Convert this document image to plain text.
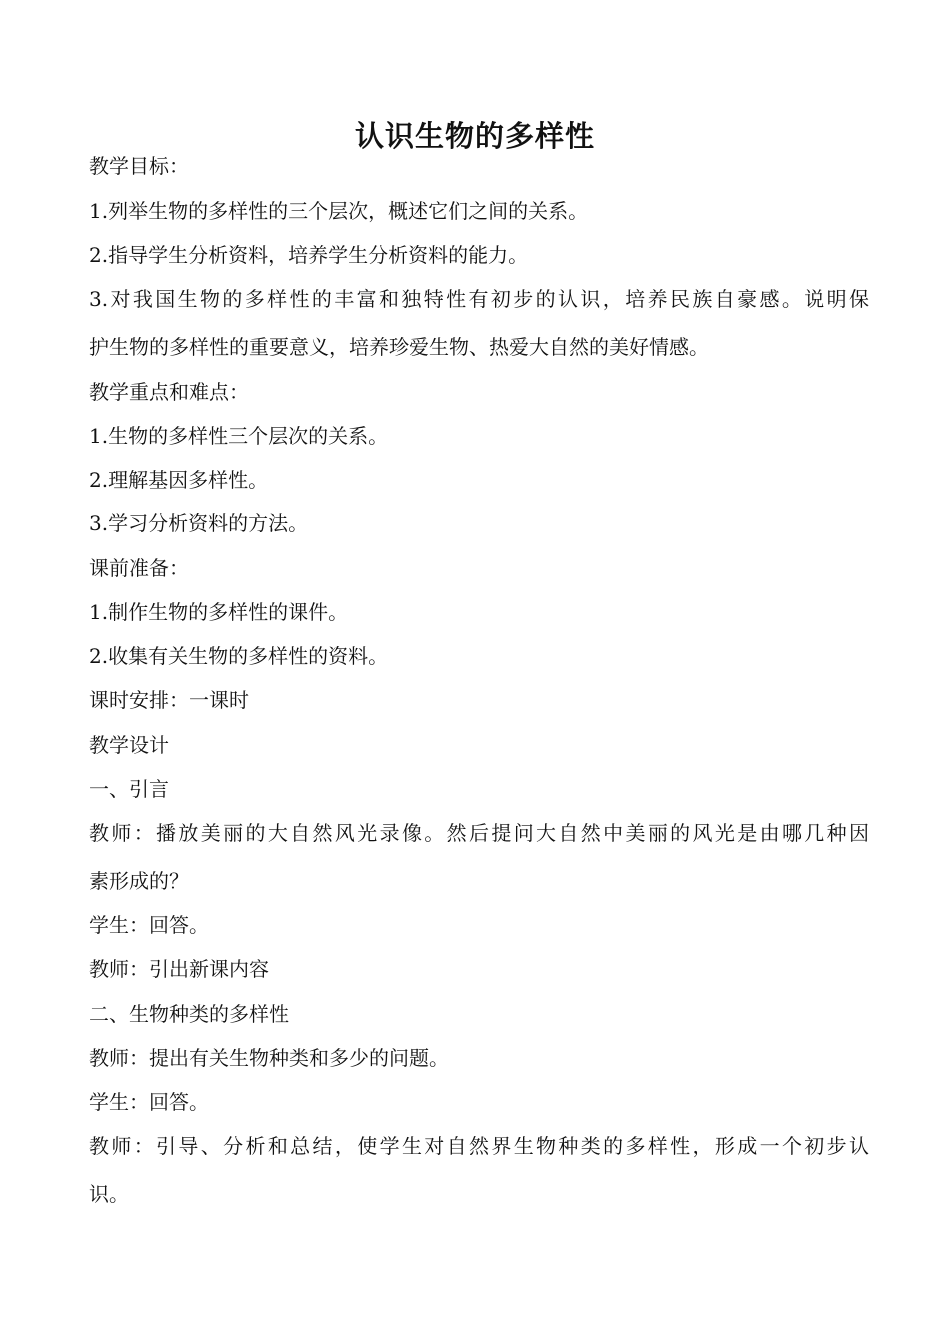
认识生物的多样性
教学目标：
1.列举生物的多样性的三个层次，概述它们之间的关系。
2.指导学生分析资料，培养学生分析资料的能力。
3.对我国生物的多样性的丰富和独特性有初步的认识，培养民族自豪感。说明保
护生物的多样性的重要意义，培养珍爱生物、热爱大自然的美好情感。
教学重点和难点：
1.生物的多样性三个层次的关系。
2.理解基因多样性。
3.学习分析资料的方法。
课前准备：
1.制作生物的多样性的课件。
2.收集有关生物的多样性的资料。
课时安排：一课时
教学设计
一、引言
教师：播放美丽的大自然风光录像。然后提问大自然中美丽的风光是由哪几种因
素形成的？
学生：回答。
教师：引出新课内容
二、生物种类的多样性
教师：提出有关生物种类和多少的问题。
学生：回答。
教师：引导、分析和总结，使学生对自然界生物种类的多样性，形成一个初步认
识。
